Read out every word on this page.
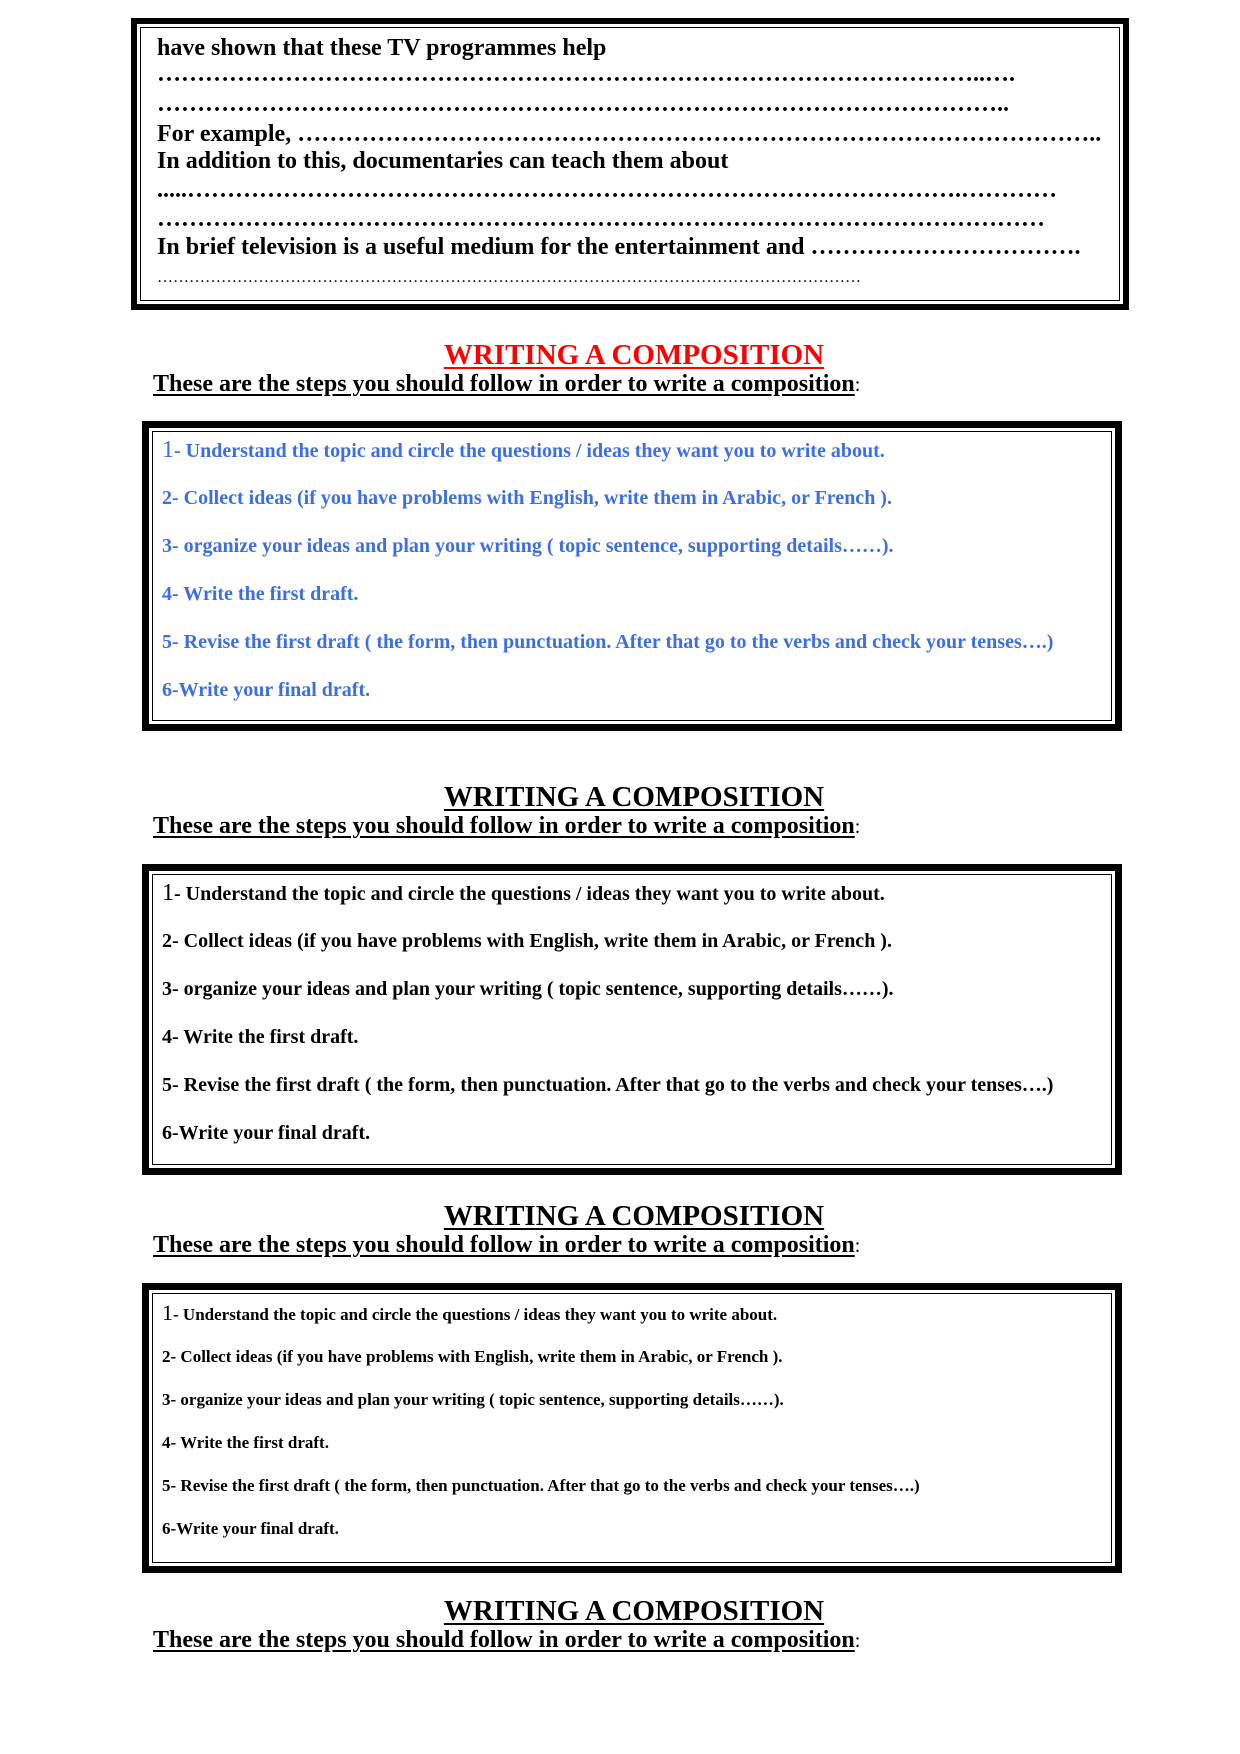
have shown that these TV programmes help
…………………………………………………………………………………………..….
……………………………………………………………………………………………..
For example, ………………………………………………………………………………………..
In addition to this, documentaries can teach them about
.....…………………………………………………………………………………….…………
…………………………………………………………………………………………………
In brief television is a useful medium for the entertainment and …………………………….
……………………………………………………………………………………………………………………
WRITING A COMPOSITION
These are the steps you should follow in order to write a composition:
1- Understand the topic and circle the questions / ideas they want you to write about.
2- Collect ideas (if you have problems with English, write them in Arabic, or French ).
3- organize your ideas and plan your writing ( topic sentence, supporting details……).
4- Write the first draft.
5- Revise the first draft ( the form, then punctuation. After that go to the verbs and check your tenses….)
6-Write your final draft.
WRITING A COMPOSITION
These are the steps you should follow in order to write a composition:
1- Understand the topic and circle the questions / ideas they want you to write about.
2- Collect ideas (if you have problems with English, write them in Arabic, or French ).
3- organize your ideas and plan your writing ( topic sentence, supporting details……).
4- Write the first draft.
5- Revise the first draft ( the form, then punctuation. After that go to the verbs and check your tenses….)
6-Write your final draft.
WRITING A COMPOSITION
These are the steps you should follow in order to write a composition:
1- Understand the topic and circle the questions / ideas they want you to write about.
2- Collect ideas (if you have problems with English, write them in Arabic, or French ).
3- organize your ideas and plan your writing ( topic sentence, supporting details……).
4- Write the first draft.
5- Revise the first draft ( the form, then punctuation. After that go to the verbs and check your tenses….)
6-Write your final draft.
WRITING A COMPOSITION
These are the steps you should follow in order to write a composition:
